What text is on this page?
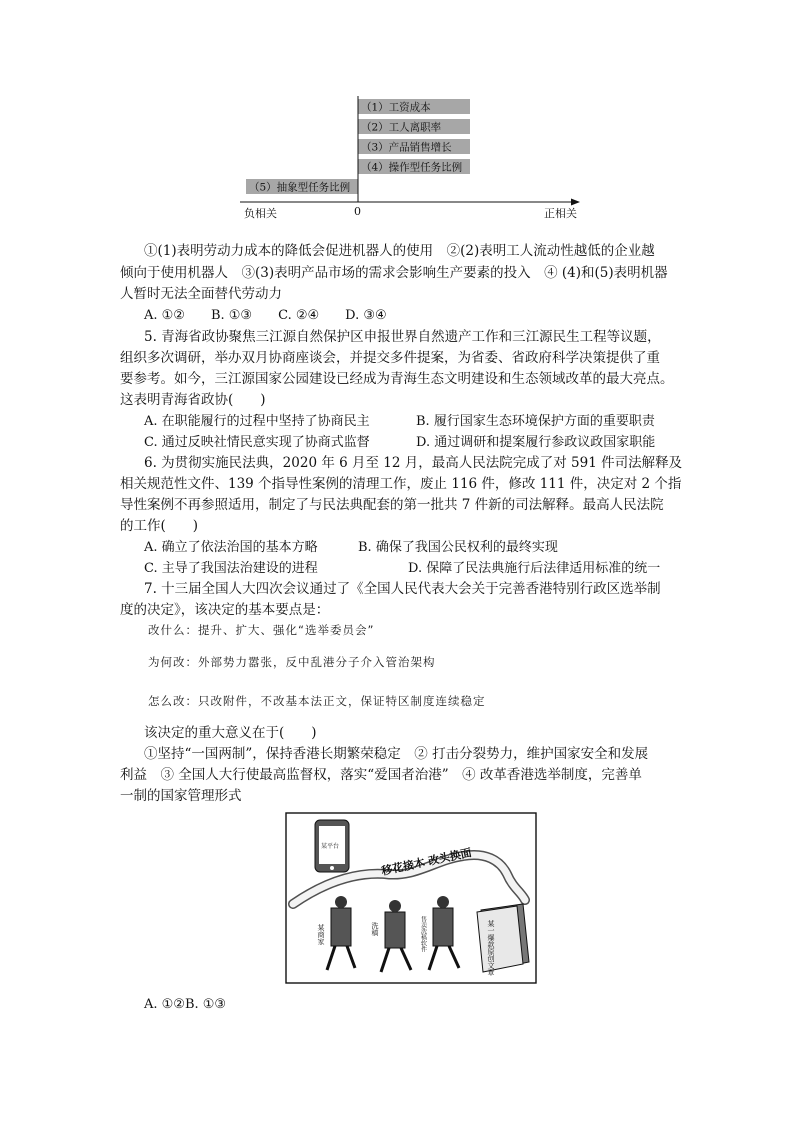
（1）工资成本
（2）工人离职率
（3）产品销售增长
（4）操作型任务比例
（5）抽象型任务比例
0
负相关	正相关
①(1)表明劳动力成本的降低会促进机器人的使用　②(2)表明工人流动性越低的企业越
倾向于使用机器人　③(3)表明产品市场的需求会影响生产要素的投入　④ (4)和(5)表明机器
人暂时无法全面替代劳动力
A. ①②　　B. ①③　　C. ②④　　D. ③④
5. 青海省政协聚焦三江源自然保护区申报世界自然遗产工作和三江源民生工程等议题，
组织多次调研，举办双月协商座谈会，并提交多件提案，为省委、省政府科学决策提供了重
要参考。如今，三江源国家公园建设已经成为青海生态文明建设和生态领域改革的最大亮点。
这表明青海省政协(　　)
A. 在职能履行的过程中坚持了协商民主	B. 履行国家生态环境保护方面的重要职责
C. 通过反映社情民意实现了协商式监督	D. 通过调研和提案履行参政议政国家职能
6. 为贯彻实施民法典，2020 年 6 月至 12 月，最高人民法院完成了对 591 件司法解释及
相关规范性文件、139 个指导性案例的清理工作，废止 116 件，修改 111 件，决定对 2 个指
导性案例不再参照适用，制定了与民法典配套的第一批共 7 件新的司法解释。最高人民法院
的工作(　　)
A. 确立了依法治国的基本方略	B. 确保了我国公民权利的最终实现
C. 主导了我国法治建设的进程	D. 保障了民法典施行后法律适用标准的统一
7. 十三届全国人大四次会议通过了《全国人民代表大会关于完善香港特别行政区选举制
度的决定》，该决定的基本要点是：
改什么：提升、扩大、强化“选举委员会”
为何改：外部势力嚣张，反中乱港分子介入管治架构
怎么改：只改附件，不改基本法正文，保证特区制度连续稳定
该决定的重大意义在于(　　)
①坚持“一国两制”，保持香港长期繁荣稳定　② 打击分裂势力，维护国家安全和发展
利益　③ 全国人大行使最高监督权，落实“爱国者治港”　④ 改革香港选举制度，完善单
一制的国家管理形式
移花接木 改头换面
某平台
某商家	洗稿	售卖洗稿软件	某一爆款原创文章
A. ①②B. ①③
